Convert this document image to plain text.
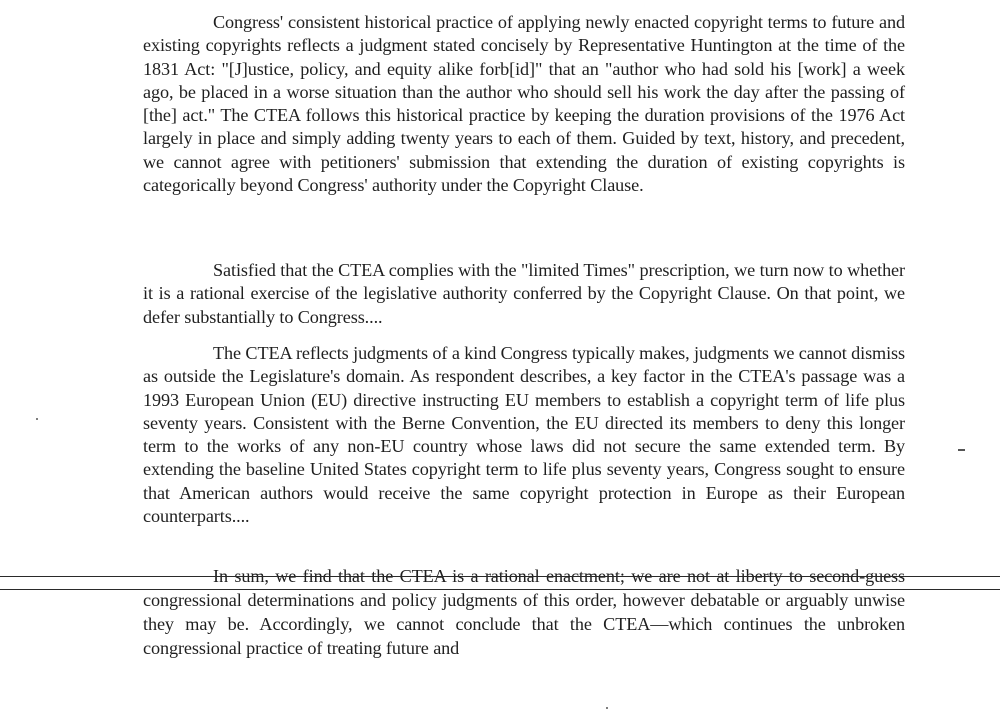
Congress' consistent historical practice of applying newly enacted copyright terms to future and existing copyrights reflects a judgment stated concisely by Representative Huntington at the time of the 1831 Act: "[J]ustice, policy, and equity alike forb[id]" that an "author who had sold his [work] a week ago, be placed in a worse situation than the author who should sell his work the day after the passing of [the] act." The CTEA follows this historical practice by keeping the duration provisions of the 1976 Act largely in place and simply adding twenty years to each of them. Guided by text, history, and precedent, we cannot agree with petitioners' submission that extending the duration of existing copyrights is categorically beyond Congress' authority under the Copyright Clause.

Satisfied that the CTEA complies with the "limited Times" prescription, we turn now to whether it is a rational exercise of the legislative authority conferred by the Copyright Clause. On that point, we defer substantially to Congress....

The CTEA reflects judgments of a kind Congress typically makes, judgments we cannot dismiss as outside the Legislature's domain. As respondent describes, a key factor in the CTEA's passage was a 1993 European Union (EU) directive instructing EU members to establish a copyright term of life plus seventy years. Consistent with the Berne Convention, the EU directed its members to deny this longer term to the works of any non-EU country whose laws did not secure the same extended term. By extending the baseline United States copyright term to life plus seventy years, Congress sought to ensure that American authors would receive the same copyright protection in Europe as their European counterparts....

In sum, we find that the CTEA is a rational enactment; we are not at liberty to second-guess congressional determinations and policy judgments of this order, however debatable or arguably unwise they may be. Accordingly, we cannot conclude that the CTEA—which continues the unbroken congressional practice of treating future and
